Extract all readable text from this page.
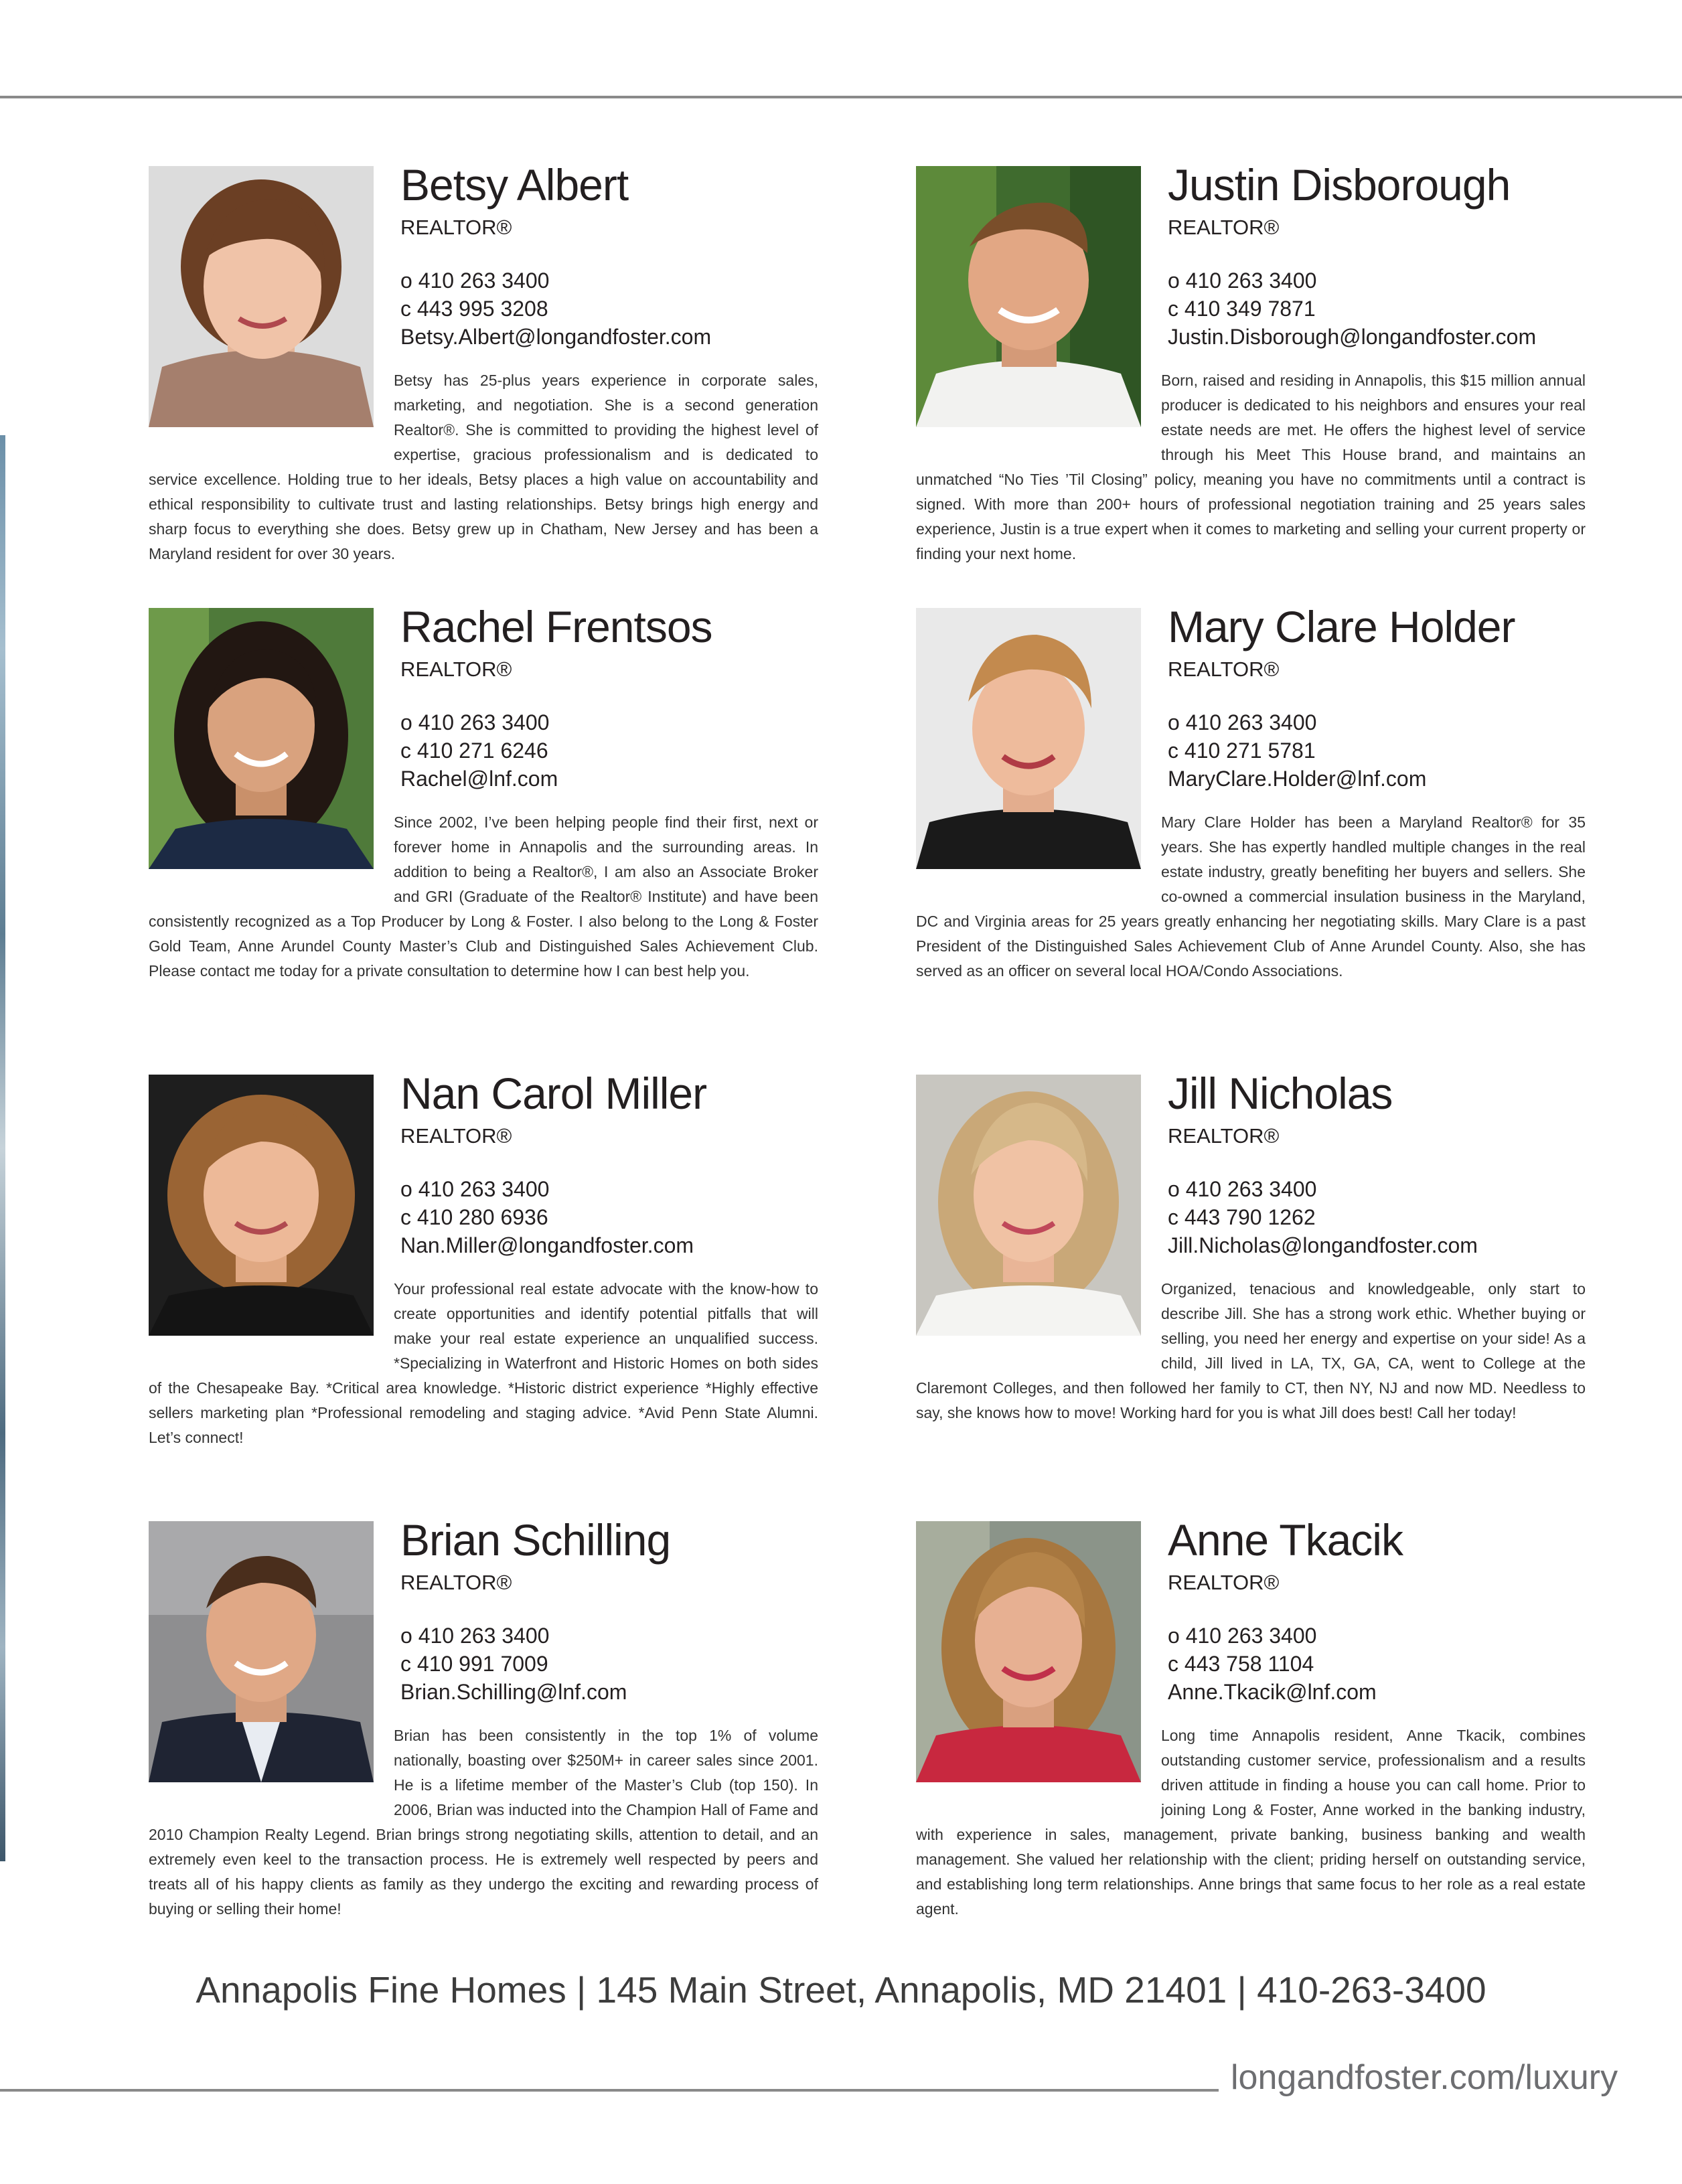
Betsy Albert
REALTOR®
o 410 263 3400
c 443 995 3208
Betsy.Albert@longandfoster.com
Betsy has 25-plus years experience in corporate sales, marketing, and negotiation. She is a second generation Realtor®. She is committed to providing the highest level of expertise, gracious professionalism and is dedicated to service excellence. Holding true to her ideals, Betsy places a high value on accountability and ethical responsibility to cultivate trust and lasting relationships. Betsy brings high energy and sharp focus to everything she does. Betsy grew up in Chatham, New Jersey and has been a Maryland resident for over 30 years.
Justin Disborough
REALTOR®
o 410 263 3400
c 410 349 7871
Justin.Disborough@longandfoster.com
Born, raised and residing in Annapolis, this $15 million annual producer is dedicated to his neighbors and ensures your real estate needs are met. He offers the highest level of service through his Meet This House brand, and maintains an unmatched “No Ties ’Til Closing” policy, meaning you have no commitments until a contract is signed. With more than 200+ hours of professional negotiation training and 25 years sales experience, Justin is a true expert when it comes to marketing and selling your current property or finding your next home.
Rachel Frentsos
REALTOR®
o 410 263 3400
c 410 271 6246
Rachel@lnf.com
Since 2002, I’ve been helping people find their first, next or forever home in Annapolis and the surrounding areas. In addition to being a Realtor®, I am also an Associate Broker and GRI (Graduate of the Realtor® Institute) and have been consistently recognized as a Top Producer by Long & Foster. I also belong to the Long & Foster Gold Team, Anne Arundel County Master’s Club and Distinguished Sales Achievement Club. Please contact me today for a private consultation to determine how I can best help you.
Mary Clare Holder
REALTOR®
o 410 263 3400
c 410 271 5781
MaryClare.Holder@lnf.com
Mary Clare Holder has been a Maryland Realtor® for 35 years. She has expertly handled multiple changes in the real estate industry, greatly benefiting her buyers and sellers. She co-owned a commercial insulation business in the Maryland, DC and Virginia areas for 25 years greatly enhancing her negotiating skills. Mary Clare is a past President of the Distinguished Sales Achievement Club of Anne Arundel County. Also, she has served as an officer on several local HOA/Condo Associations.
Nan Carol Miller
REALTOR®
o 410 263 3400
c 410 280 6936
Nan.Miller@longandfoster.com
Your professional real estate advocate with the know-how to create opportunities and identify potential pitfalls that will make your real estate experience an unqualified success. *Specializing in Waterfront and Historic Homes on both sides of the Chesapeake Bay. *Critical area knowledge. *Historic district experience *Highly effective sellers marketing plan *Professional remodeling and staging advice. *Avid Penn State Alumni. Let’s connect!
Jill Nicholas
REALTOR®
o 410 263 3400
c 443 790 1262
Jill.Nicholas@longandfoster.com
Organized, tenacious and knowledgeable, only start to describe Jill. She has a strong work ethic. Whether buying or selling, you need her energy and expertise on your side! As a child, Jill lived in LA, TX, GA, CA, went to College at the Claremont Colleges, and then followed her family to CT, then NY, NJ and now MD. Needless to say, she knows how to move! Working hard for you is what Jill does best! Call her today!
Brian Schilling
REALTOR®
o 410 263 3400
c 410 991 7009
Brian.Schilling@lnf.com
Brian has been consistently in the top 1% of volume nationally, boasting over $250M+ in career sales since 2001. He is a lifetime member of the Master’s Club (top 150). In 2006, Brian was inducted into the Champion Hall of Fame and 2010 Champion Realty Legend. Brian brings strong negotiating skills, attention to detail, and an extremely even keel to the transaction process. He is extremely well respected by peers and treats all of his happy clients as family as they undergo the exciting and rewarding process of buying or selling their home!
Anne Tkacik
REALTOR®
o 410 263 3400
c 443 758 1104
Anne.Tkacik@lnf.com
Long time Annapolis resident, Anne Tkacik, combines outstanding customer service, professionalism and a results driven attitude in finding a house you can call home. Prior to joining Long & Foster, Anne worked in the banking industry, with experience in sales, management, private banking, business banking and wealth management. She valued her relationship with the client; priding herself on outstanding service, and establishing long term relationships. Anne brings that same focus to her role as a real estate agent.
Annapolis Fine Homes | 145 Main Street, Annapolis, MD 21401 | 410-263-3400
longandfoster.com/luxury
